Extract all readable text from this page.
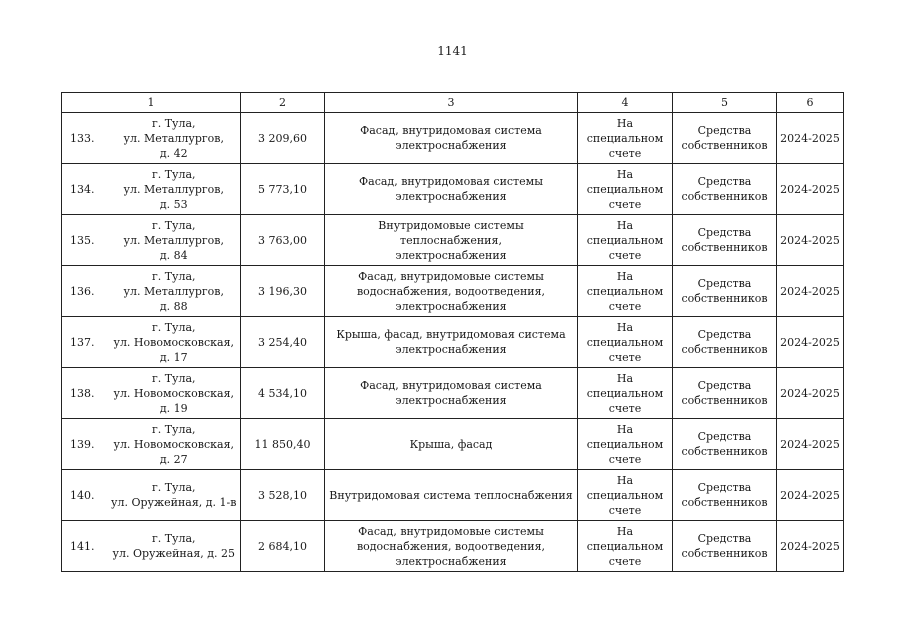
1141
1		2	3	4	5	6
133.	г. Тула,
ул. Металлургов,
д. 42	3 209,60	Фасад, внутридомовая система
электроснабжения	На
специальном
счете	Средства
собственников	2024-2025
134.	г. Тула,
ул. Металлургов,
д. 53	5 773,10	Фасад, внутридомовая системы
электроснабжения	На
специальном
счете	Средства
собственников	2024-2025
135.	г. Тула,
ул. Металлургов,
д. 84	3 763,00	Внутридомовые системы теплоснабжения,
электроснабжения	На
специальном
счете	Средства
собственников	2024-2025
136.	г. Тула,
ул. Металлургов,
д. 88	3 196,30	Фасад, внутридомовые системы
водоснабжения, водоотведения,
электроснабжения	На
специальном
счете	Средства
собственников	2024-2025
137.	г. Тула,
ул. Новомосковская,
д. 17	3 254,40	Крыша, фасад, внутридомовая система
электроснабжения	На
специальном
счете	Средства
собственников	2024-2025
138.	г. Тула,
ул. Новомосковская,
д. 19	4 534,10	Фасад, внутридомовая система
электроснабжения	На
специальном
счете	Средства
собственников	2024-2025
139.	г. Тула,
ул. Новомосковская,
д. 27	11 850,40	Крыша, фасад	На
специальном
счете	Средства
собственников	2024-2025
140.	г. Тула,
ул. Оружейная, д. 1-в	3 528,10	Внутридомовая система теплоснабжения	На
специальном
счете	Средства
собственников	2024-2025
141.	г. Тула,
ул. Оружейная, д. 25	2 684,10	Фасад, внутридомовые системы
водоснабжения, водоотведения,
электроснабжения	На
специальном
счете	Средства
собственников	2024-2025
